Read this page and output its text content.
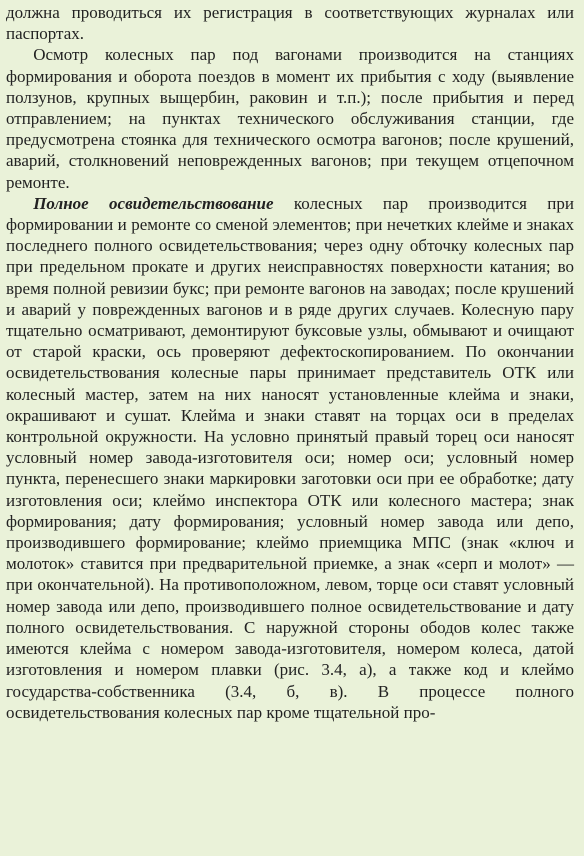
должна проводиться их регистрация в соответствующих журналах или паспортах.

Осмотр колесных пар под вагонами производится на станциях формирования и оборота поездов в момент их прибытия с ходу (выявление ползунов, крупных выщербин, раковин и т.п.); после прибытия и перед отправлением; на пунктах технического обслуживания станции, где предусмотрена стоянка для технического осмотра вагонов; после крушений, аварий, столкновений неповрежденных вагонов; при текущем отцепочном ремонте.

Полное освидетельствование колесных пар производится при формировании и ремонте со сменой элементов; при нечетких клейме и знаках последнего полного освидетельствования; через одну обточку колесных пар при предельном прокате и других неисправностях поверхности катания; во время полной ревизии букс; при ремонте вагонов на заводах; после крушений и аварий у поврежденных вагонов и в ряде других случаев. Колесную пару тщательно осматривают, демонтируют буксовые узлы, обмывают и очищают от старой краски, ось проверяют дефектоскопированием. По окончании освидетельствования колесные пары принимает представитель ОТК или колесный мастер, затем на них наносят установленные клейма и знаки, окрашивают и сушат. Клейма и знаки ставят на торцах оси в пределах контрольной окружности. На условно принятый правый торец оси наносят условный номер завода-изготовителя оси; номер оси; условный номер пункта, перенесшего знаки маркировки заготовки оси при ее обработке; дату изготовления оси; клеймо инспектора ОТК или колесного мастера; знак формирования; дату формирования; условный номер завода или депо, производившего формирование; клеймо приемщика МПС (знак «ключ и молоток» ставится при предварительной приемке, а знак «серп и молот» — при окончательной). На противоположном, левом, торце оси ставят условный номер завода или депо, производившего полное освидетельствование и дату полного освидетельствования. С наружной стороны ободов колес также имеются клейма с номером завода-изготовителя, номером колеса, датой изготовления и номером плавки (рис. 3.4, а), а также код и клеймо государства-собственника (3.4, б, в). В процессе полного освидетельствования колесных пар кроме тщательной про-
